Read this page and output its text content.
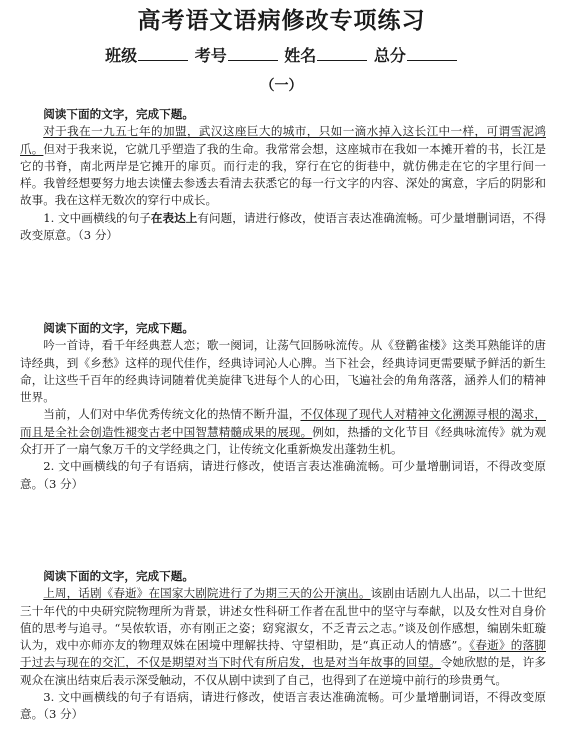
高考语文语病修改专项练习
班级	考号	姓名	总分
（一）

阅读下面的文字，完成下题。

对于我在一九五七年的加盟，武汉这座巨大的城市，只如一滴水掉入这长江中一样，可谓雪泥鸿爪。但对于我来说，它就几乎塑造了我的生命。我常常会想，这座城市在我如一本摊开着的书，长江是它的书脊，南北两岸是它摊开的扉页。而行走的我，穿行在它的街巷中，就仿佛走在它的字里行间一样。我曾经想要努力地去读懂去参透去看清去获悉它的每一行文字的内容、深处的寓意，字后的阴影和故事。我在这样无数次的穿行中成长。

1. 文中画横线的句子在表达上有问题，请进行修改，使语言表达准确流畅。可少量增删词语，不得改变原意。（3 分）

阅读下面的文字，完成下题。

吟一首诗，看千年经典惹人恋；歌一阕词，让荡气回肠咏流传。从《登鹳雀楼》这类耳熟能详的唐诗经典，到《乡愁》这样的现代佳作，经典诗词沁人心脾。当下社会，经典诗词更需要赋予鲜活的新生命，让这些千百年的经典诗词随着优美旋律飞进每个人的心田，飞遍社会的角角落落，涵养人们的精神世界。

当前，人们对中华优秀传统文化的热情不断升温，不仅体现了现代人对精神文化溯源寻根的渴求，而且是全社会创造性褪变古老中国智慧精髓成果的展现。例如，热播的文化节目《经典咏流传》就为观众打开了一扇气象万千的文学经典之门，让传统文化重新焕发出蓬勃生机。

2. 文中画横线的句子有语病，请进行修改，使语言表达准确流畅。可少量增删词语，不得改变原意。（3 分）

阅读下面的文字，完成下题。

上周，话剧《春逝》在国家大剧院进行了为期三天的公开演出。该剧由话剧九人出品，以二十世纪三十年代的中央研究院物理所为背景，讲述女性科研工作者在乱世中的坚守与奉献，以及女性对自身价值的思考与追寻。“吴侬软语，亦有刚正之姿；窈窕淑女，不乏青云之志。”谈及创作感想，编剧朱虹璇认为，戏中亦师亦友的物理双姝在困境中理解扶持、守望相助，是“真正动人的情感”。《春逝》的落脚于过去与现在的交汇，不仅是期望对当下时代有所启发，也是对当年故事的回望。令她欣慰的是，许多观众在演出结束后表示深受触动，不仅从剧中读到了自己，也得到了在逆境中前行的珍贵勇气。

3. 文中画横线的句子有语病，请进行修改，使语言表达准确流畅。可少量增删词语，不得改变原意。（3 分）
